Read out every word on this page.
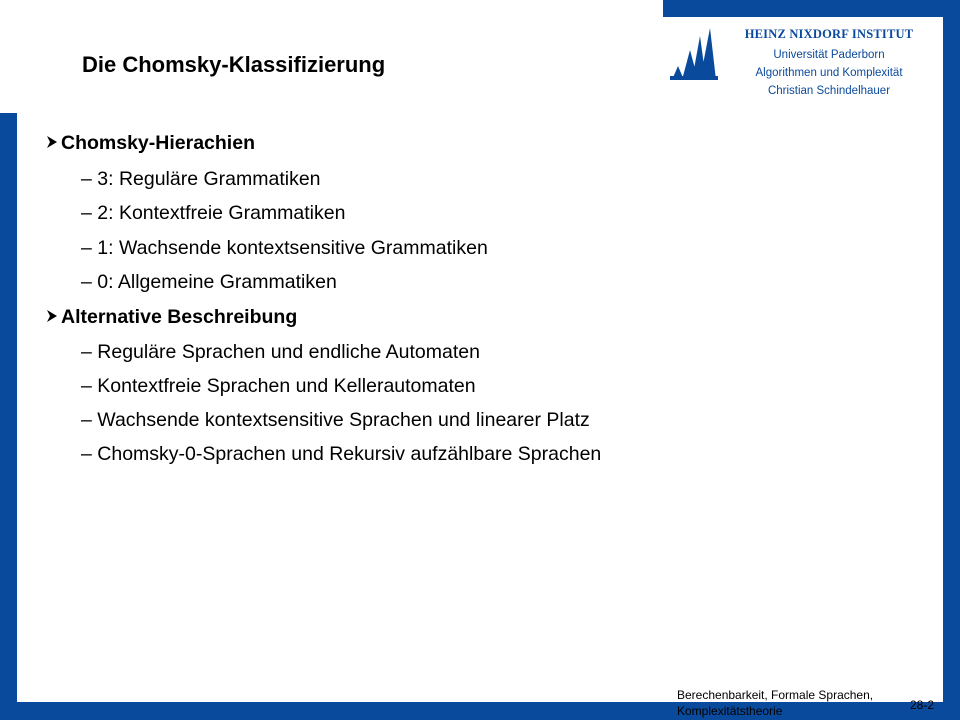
Die Chomsky-Klassifizierung
HEINZ NIXDORF INSTITUT
Universität Paderborn
Algorithmen und Komplexität
Christian Schindelhauer
Chomsky-Hierachien
– 3: Reguläre Grammatiken
– 2: Kontextfreie Grammatiken
– 1: Wachsende kontextsensitive Grammatiken
– 0: Allgemeine Grammatiken
Alternative Beschreibung
– Reguläre Sprachen und endliche Automaten
– Kontextfreie Sprachen und Kellerautomaten
– Wachsende kontextsensitive Sprachen und linearer Platz
– Chomsky-0-Sprachen und Rekursiv aufzählbare Sprachen
Berechenbarkeit, Formale Sprachen,
Komplexitätstheorie	28-2
